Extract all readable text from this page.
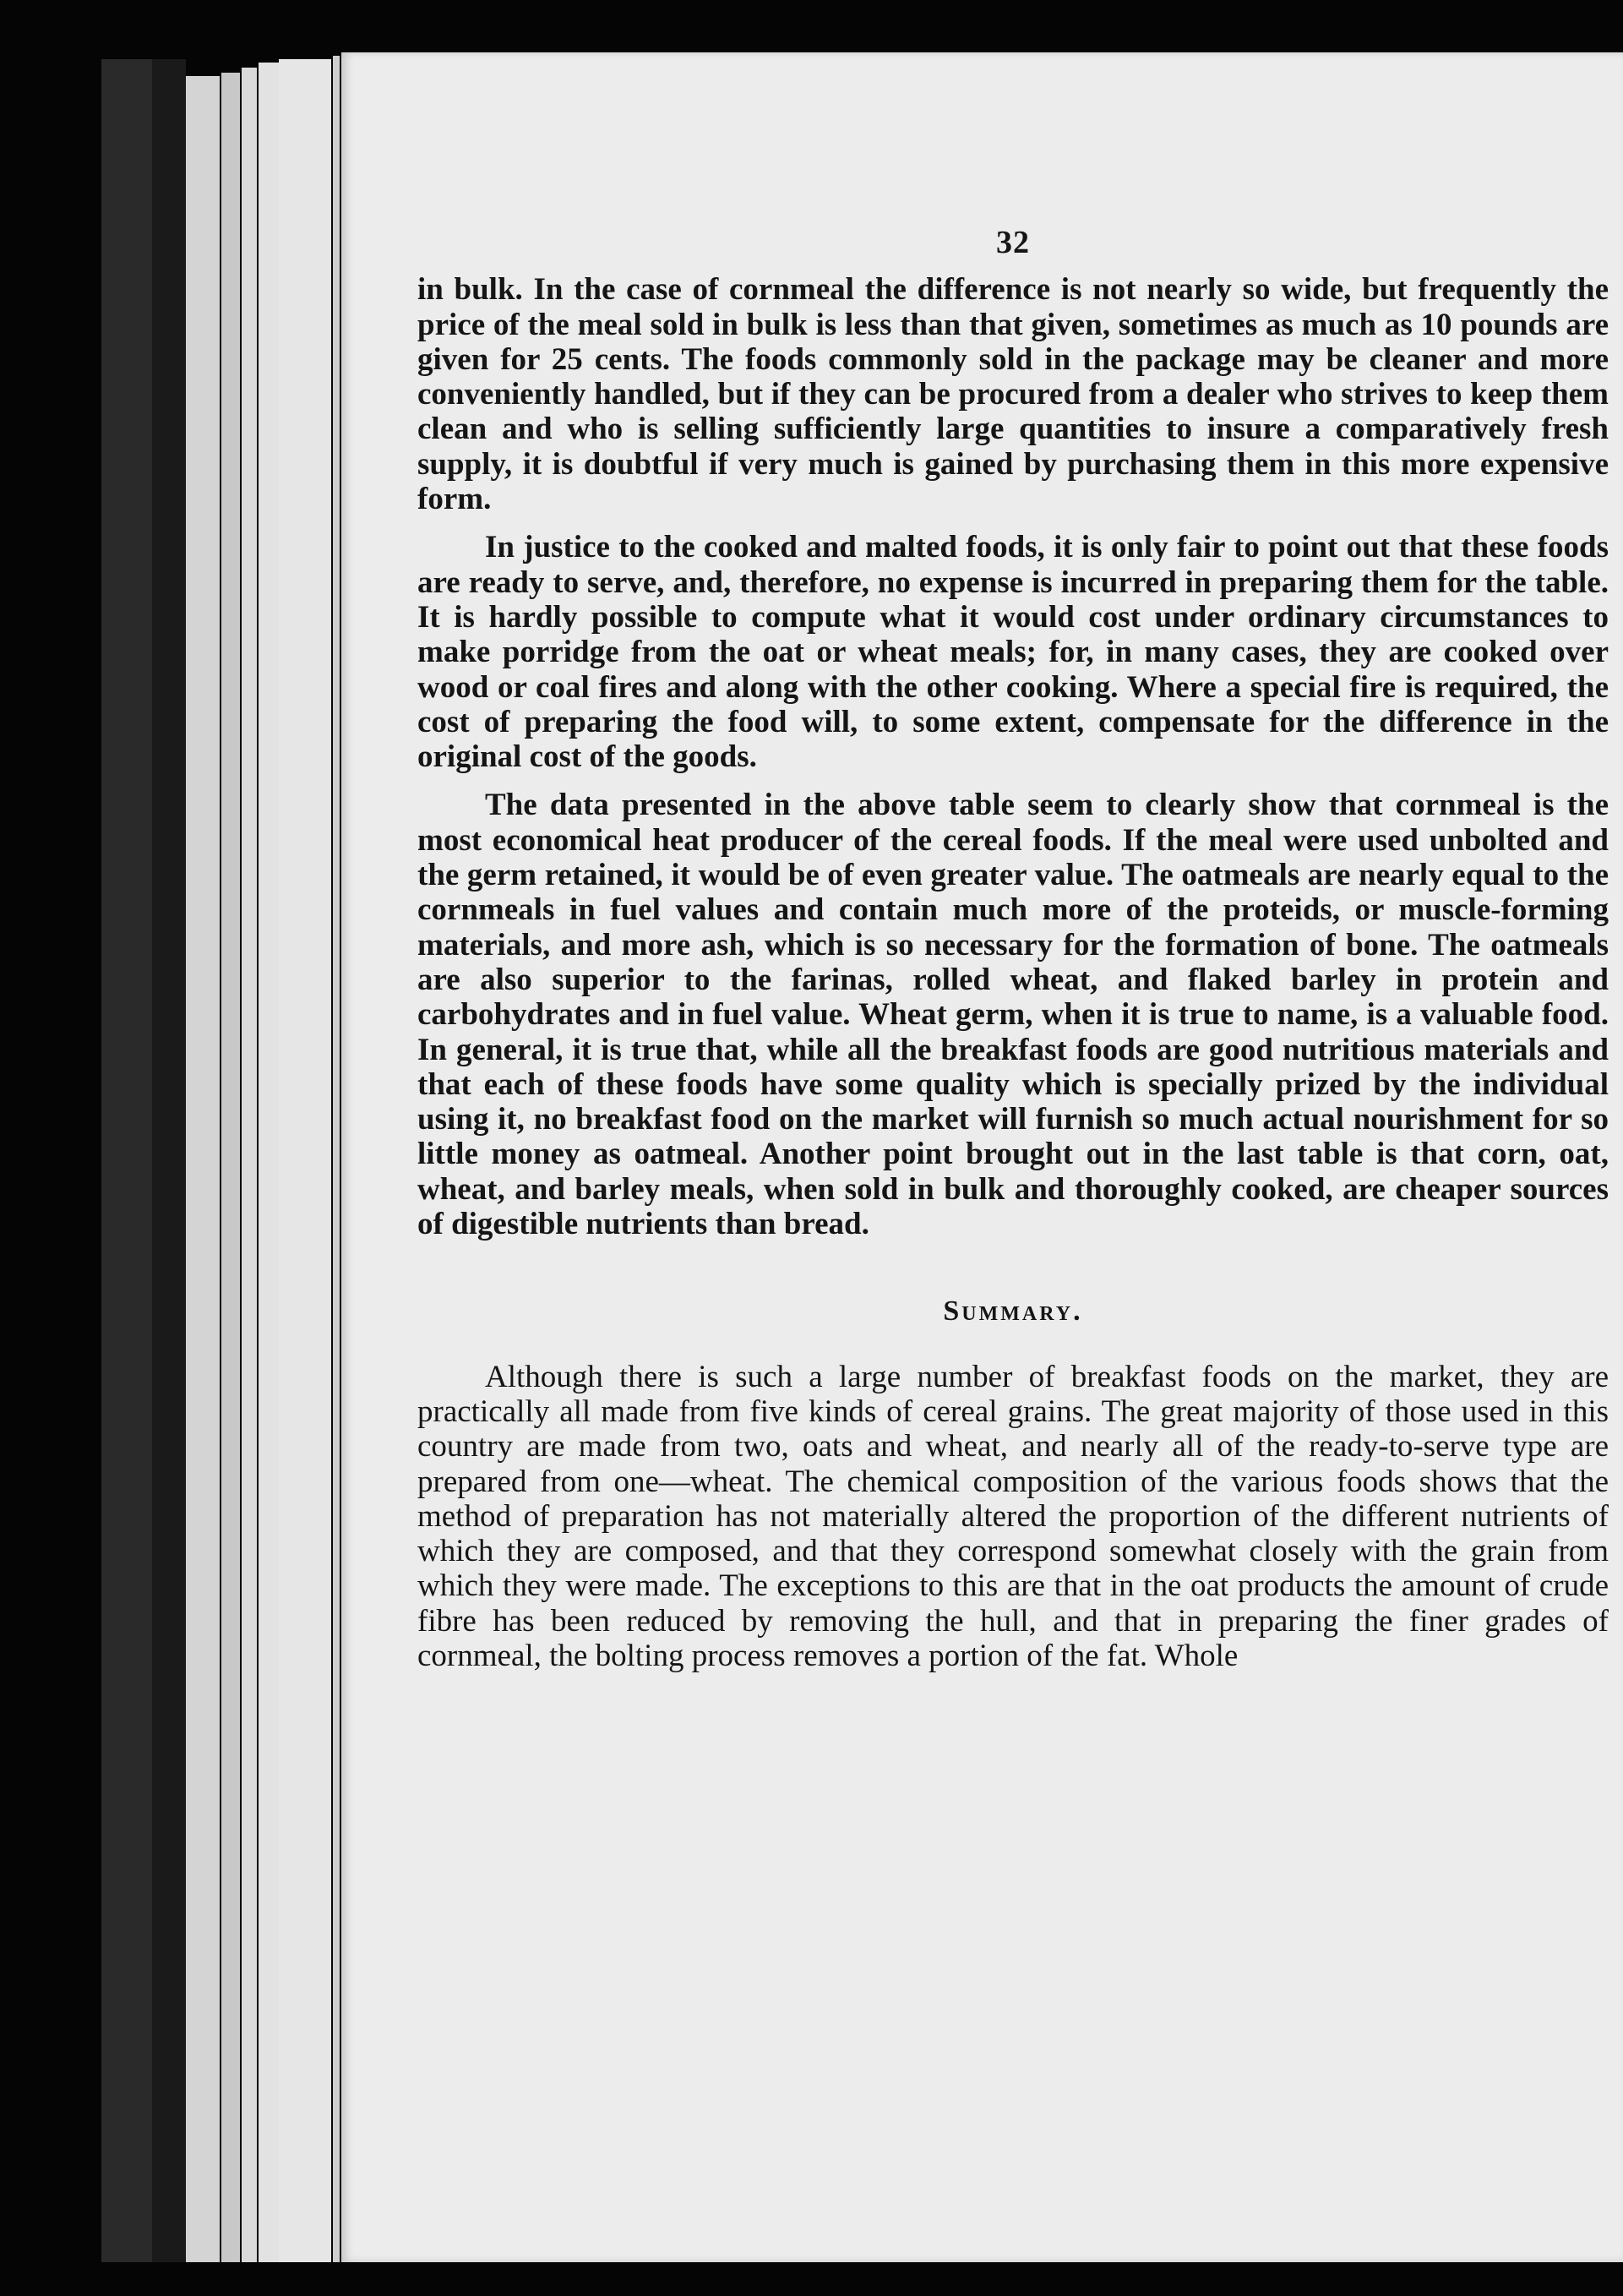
32

in bulk. In the case of cornmeal the difference is not nearly so wide, but frequently the price of the meal sold in bulk is less than that given, sometimes as much as 10 pounds are given for 25 cents. The foods commonly sold in the package may be cleaner and more conveniently handled, but if they can be procured from a dealer who strives to keep them clean and who is selling sufficiently large quantities to insure a comparatively fresh supply, it is doubtful if very much is gained by purchasing them in this more expensive form.

In justice to the cooked and malted foods, it is only fair to point out that these foods are ready to serve, and, therefore, no expense is incurred in preparing them for the table. It is hardly possible to compute what it would cost under ordinary circumstances to make porridge from the oat or wheat meals; for, in many cases, they are cooked over wood or coal fires and along with the other cooking. Where a special fire is required, the cost of preparing the food will, to some extent, compensate for the difference in the original cost of the goods.

The data presented in the above table seem to clearly show that cornmeal is the most economical heat producer of the cereal foods. If the meal were used unbolted and the germ retained, it would be of even greater value. The oatmeals are nearly equal to the cornmeals in fuel values and contain much more of the proteids, or muscle-forming materials, and more ash, which is so necessary for the formation of bone. The oatmeals are also superior to the farinas, rolled wheat, and flaked barley in protein and carbohydrates and in fuel value. Wheat germ, when it is true to name, is a valuable food. In general, it is true that, while all the breakfast foods are good nutritious materials and that each of these foods have some quality which is specially prized by the individual using it, no breakfast food on the market will furnish so much actual nourishment for so little money as oatmeal. Another point brought out in the last table is that corn, oat, wheat, and barley meals, when sold in bulk and thoroughly cooked, are cheaper sources of digestible nutrients than bread.

Summary.

Although there is such a large number of breakfast foods on the market, they are practically all made from five kinds of cereal grains. The great majority of those used in this country are made from two, oats and wheat, and nearly all of the ready-to-serve type are prepared from one—wheat. The chemical composition of the various foods shows that the method of preparation has not materially altered the proportion of the different nutrients of which they are composed, and that they correspond somewhat closely with the grain from which they were made. The exceptions to this are that in the oat products the amount of crude fibre has been reduced by removing the hull, and that in preparing the finer grades of cornmeal, the bolting process removes a portion of the fat. Whole
